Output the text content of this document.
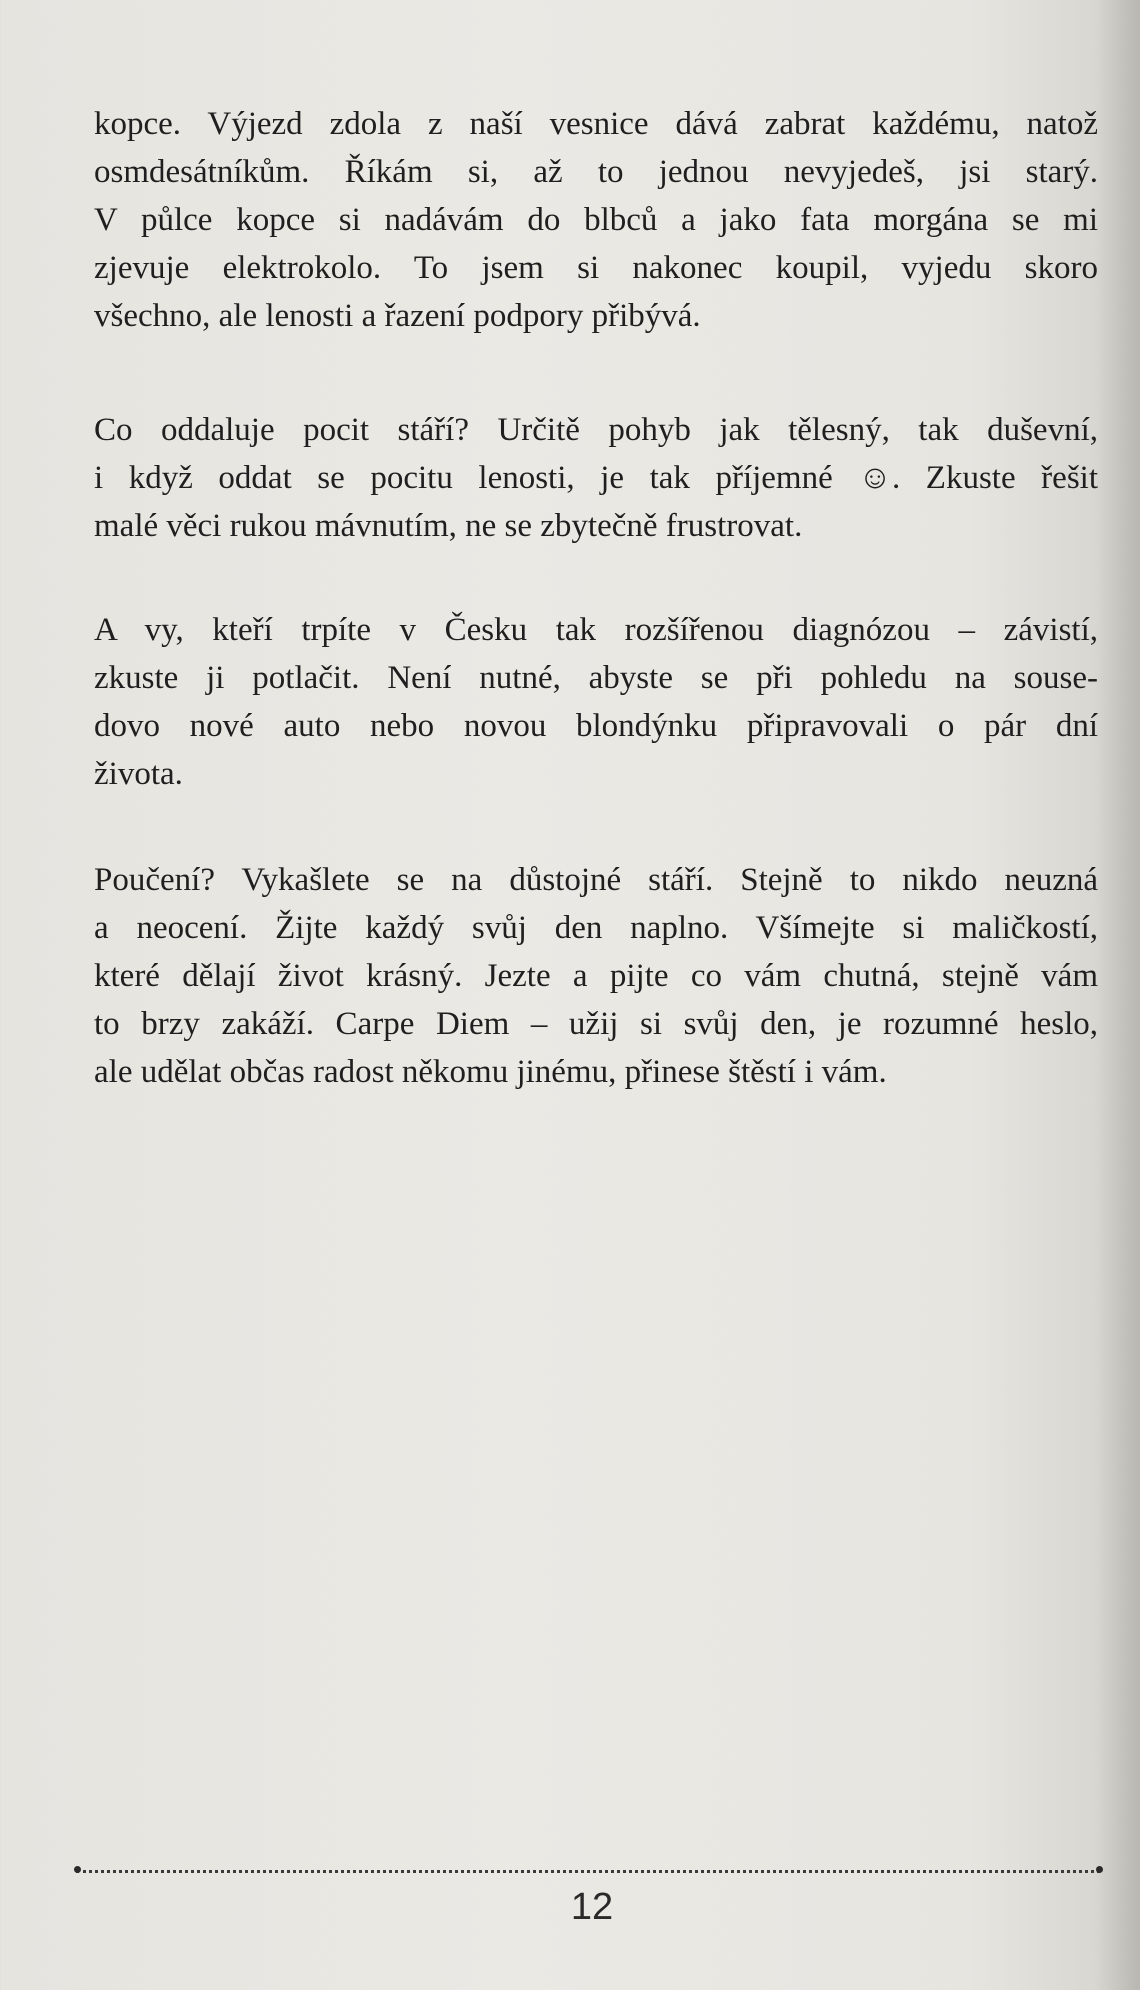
kopce. Výjezd zdola z naší vesnice dává zabrat každému, natož
osmdesátníkům. Říkám si, až to jednou nevyjedeš, jsi starý.
V půlce kopce si nadávám do blbců a jako fata morgána se mi
zjevuje elektrokolo. To jsem si nakonec koupil, vyjedu skoro
všechno, ale lenosti a řazení podpory přibývá.

Co oddaluje pocit stáří? Určitě pohyb jak tělesný, tak duševní,
i když oddat se pocitu lenosti, je tak příjemné ☺. Zkuste řešit
malé věci rukou mávnutím, ne se zbytečně frustrovat.

A vy, kteří trpíte v Česku tak rozšířenou diagnózou – závistí,
zkuste ji potlačit. Není nutné, abyste se při pohledu na souse-
dovo nové auto nebo novou blondýnku připravovali o pár dní
života.

Poučení? Vykašlete se na důstojné stáří. Stejně to nikdo neuzná
a neocení. Žijte každý svůj den naplno. Všímejte si maličkostí,
které dělají život krásný. Jezte a pijte co vám chutná, stejně vám
to brzy zakáží. Carpe Diem – užij si svůj den, je rozumné heslo,
ale udělat občas radost někomu jinému, přinese štěstí i vám.

12
